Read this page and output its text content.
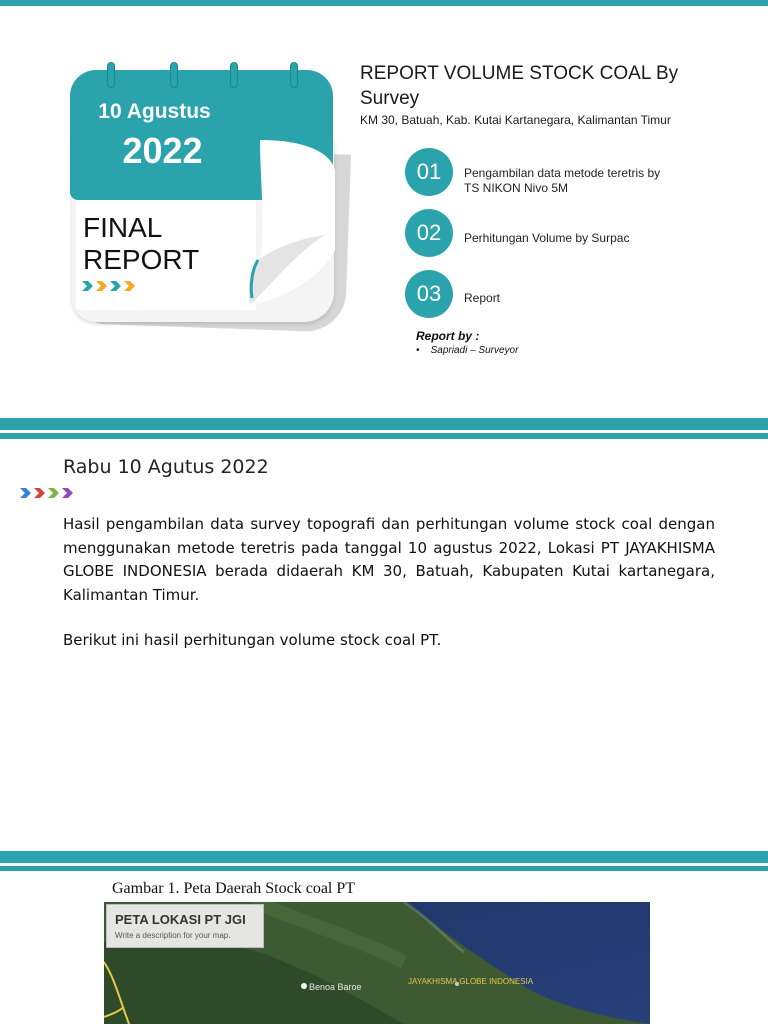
10 Agustus
2022
FINAL
REPORT
REPORT VOLUME STOCK COAL By Survey
KM 30, Batuah, Kab. Kutai Kartanegara, Kalimantan Timur
01	Pengambilan data metode teretris by
TS NIKON Nivo 5M
02	Perhitungan Volume by Surpac
03	Report
Report by :
•    Sapriadi – Surveyor
Rabu 10 Agutus 2022
Hasil pengambilan data survey topografi dan perhitungan volume stock coal dengan menggunakan metode teretris pada tanggal 10 agustus 2022, Lokasi PT JAYAKHISMA GLOBE INDONESIA berada didaerah KM 30, Batuah, Kabupaten Kutai kartanegara, Kalimantan Timur.
Berikut ini hasil perhitungan volume stock coal PT.
Gambar 1. Peta Daerah Stock coal PT
PETA LOKASI PT JGI
Write a description for your map.
Benoa Baroe
JAYAKHISMA GLOBE INDONESIA
